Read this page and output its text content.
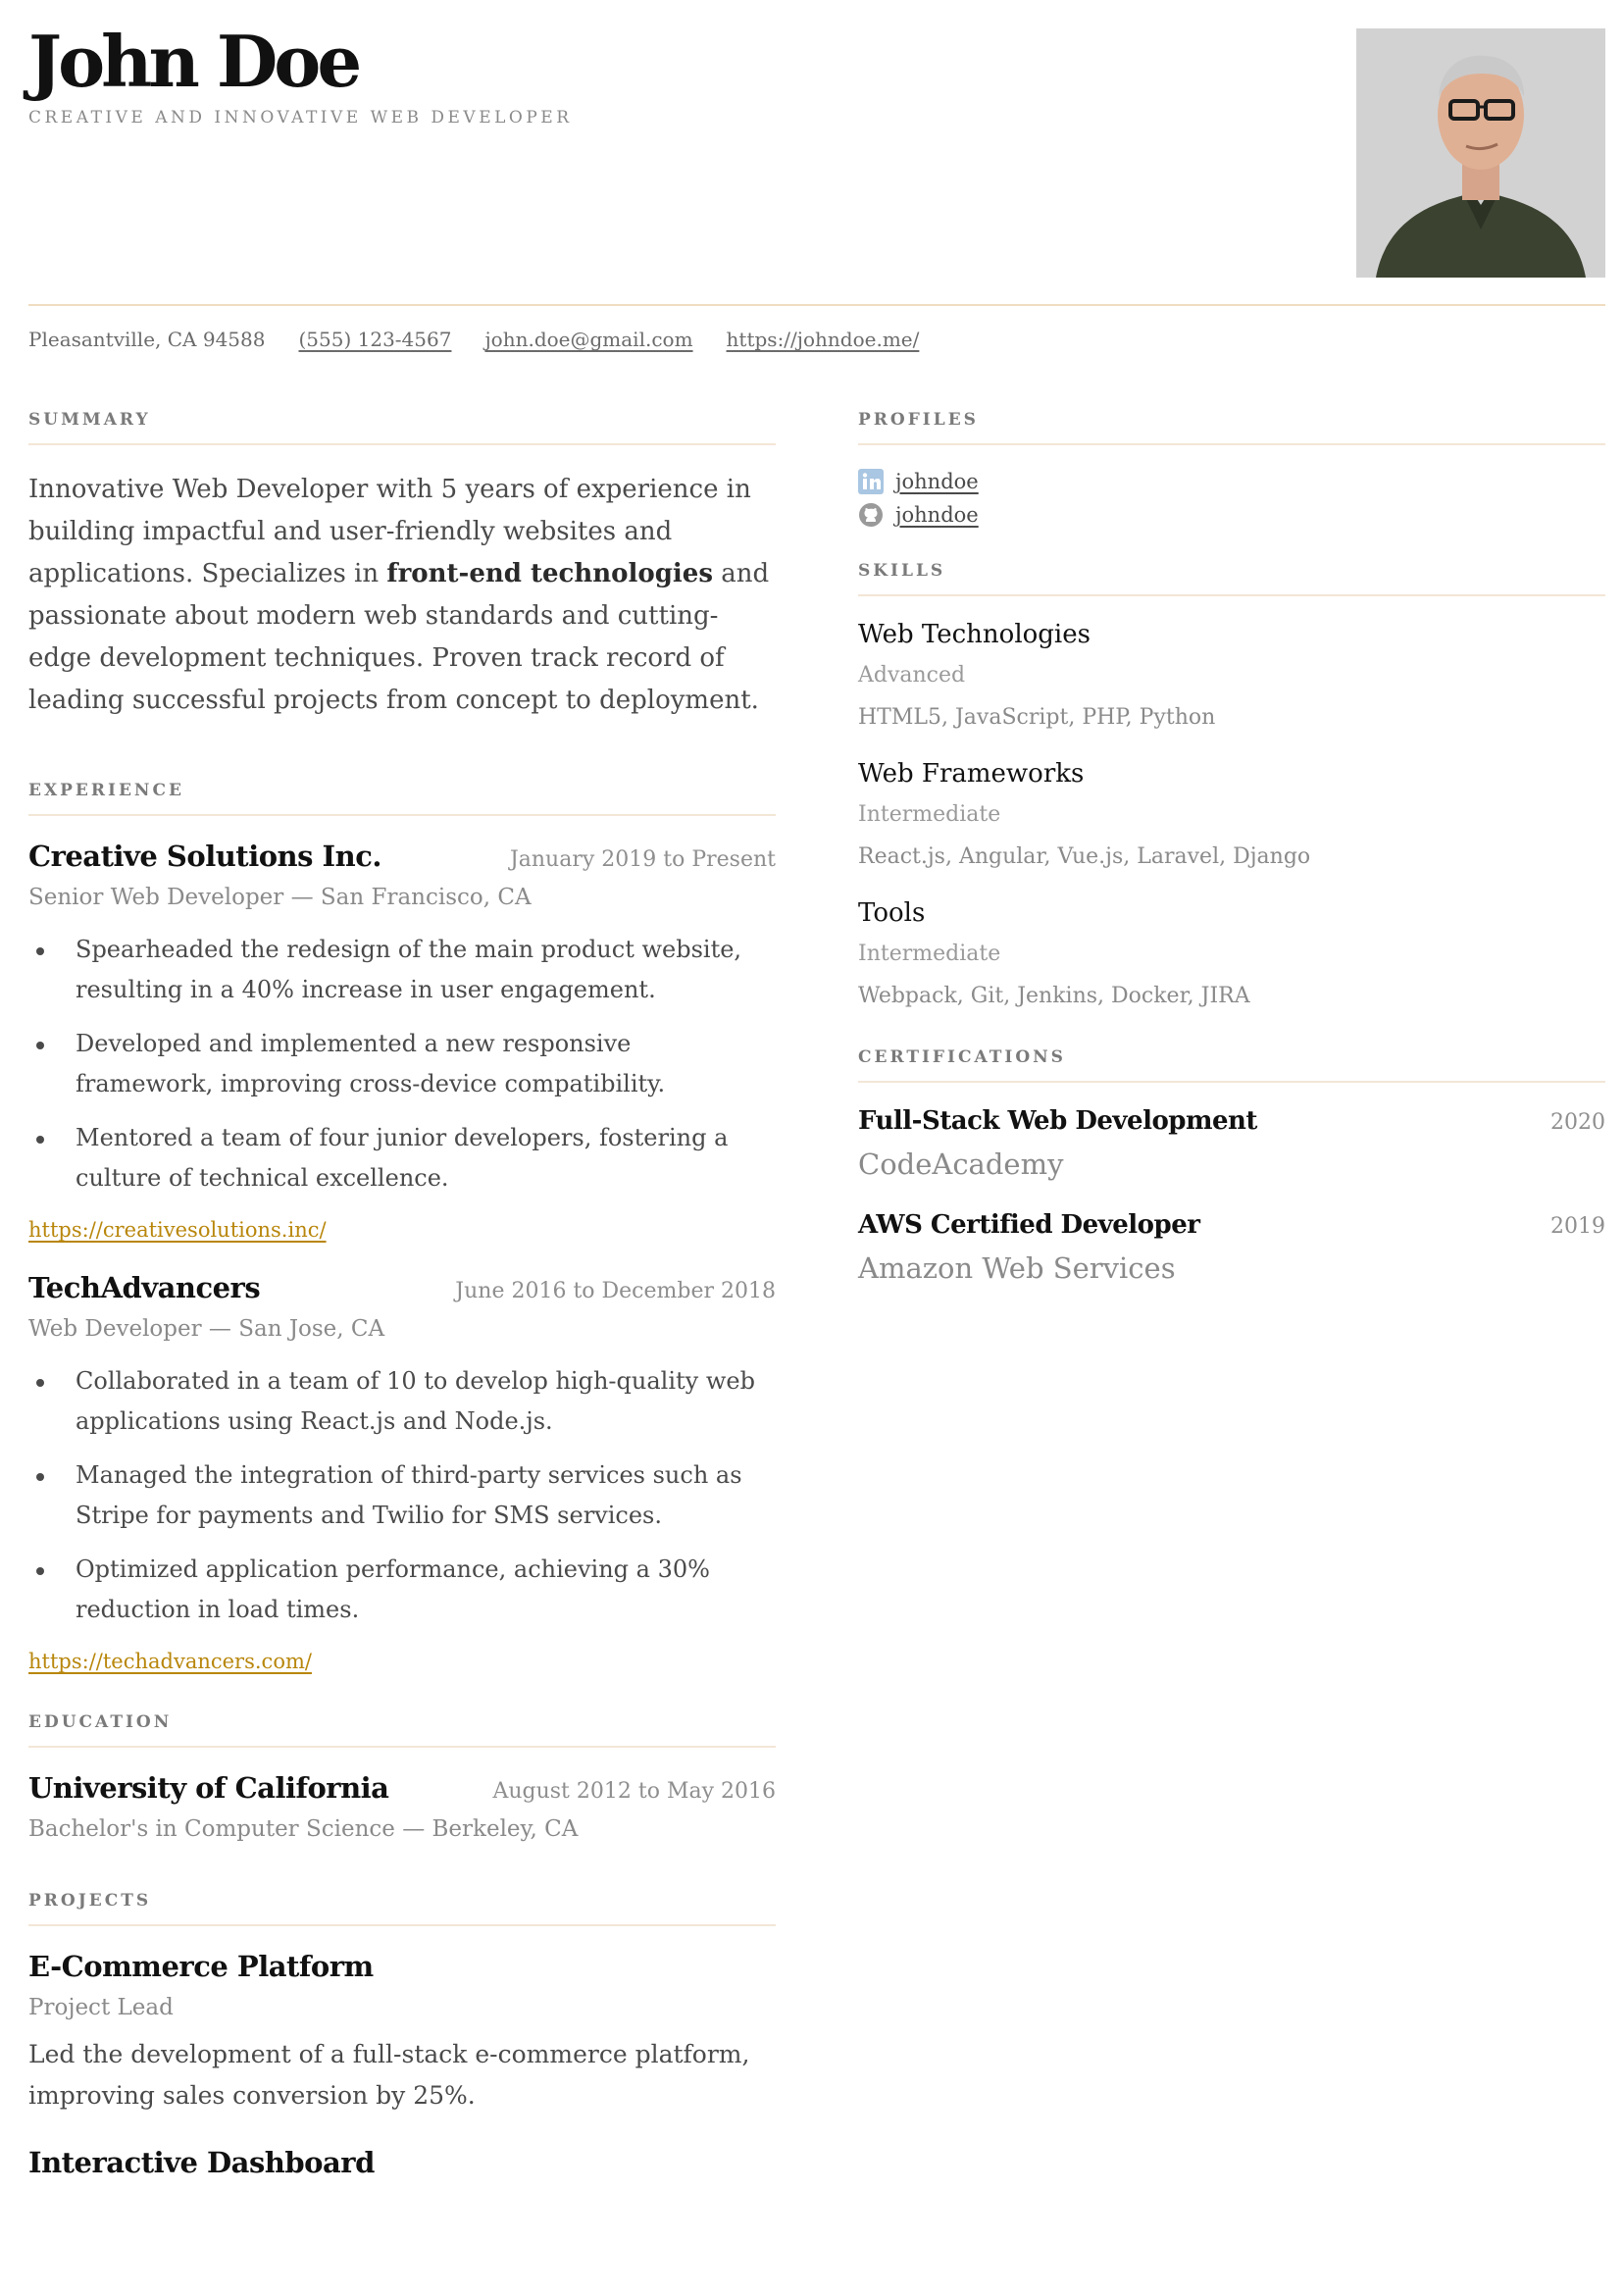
John Doe
CREATIVE AND INNOVATIVE WEB DEVELOPER
Pleasantville, CA 94588 (555) 123-4567 john.doe@gmail.com https://johndoe.me/
SUMMARY

Innovative Web Developer with 5 years of experience in building impactful and user-friendly websites and applications. Specializes in front-end technologies and passionate about modern web standards and cutting-edge development techniques. Proven track record of leading successful projects from concept to deployment.

EXPERIENCE
Creative Solutions Inc.	January 2019 to Present
Senior Web Developer — San Francisco, CA
Spearheaded the redesign of the main product website, resulting in a 40% increase in user engagement.
Developed and implemented a new responsive framework, improving cross-device compatibility.
Mentored a team of four junior developers, fostering a culture of technical excellence.
https://creativesolutions.inc/
TechAdvancers	June 2016 to December 2018
Web Developer — San Jose, CA
Collaborated in a team of 10 to develop high-quality web applications using React.js and Node.js.
Managed the integration of third-party services such as Stripe for payments and Twilio for SMS services.
Optimized application performance, achieving a 30% reduction in load times.
https://techadvancers.com/
EDUCATION
University of California	August 2012 to May 2016
Bachelor's in Computer Science — Berkeley, CA
PROJECTS
E-Commerce Platform
Project Lead

Led the development of a full-stack e-commerce platform, improving sales conversion by 25%.

Interactive Dashboard
PROFILES
johndoe
johndoe
SKILLS
Web Technologies
Advanced
HTML5, JavaScript, PHP, Python
Web Frameworks
Intermediate
React.js, Angular, Vue.js, Laravel, Django
Tools
Intermediate
Webpack, Git, Jenkins, Docker, JIRA
CERTIFICATIONS
Full-Stack Web Development	2020
CodeAcademy
AWS Certified Developer	2019
Amazon Web Services
